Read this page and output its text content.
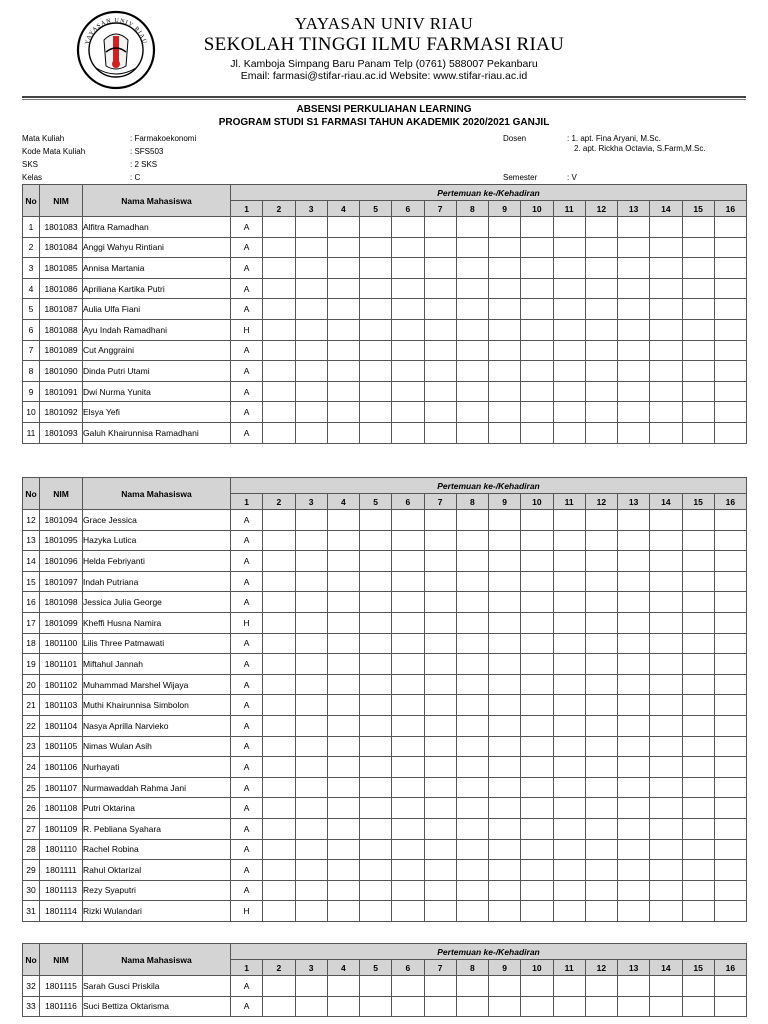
YAYASAN UNIV RIAU
YAYASAN UNIV RIAU
SEKOLAH TINGGI ILMU FARMASI RIAU
Jl. Kamboja Simpang Baru Panam Telp (0761) 588007 Pekanbaru
Email: farmasi@stifar-riau.ac.id Website: www.stifar-riau.ac.id
ABSENSI PERKULIAHAN LEARNING
PROGRAM STUDI S1 FARMASI TAHUN AKADEMIK 2020/2021 GANJIL
Mata Kuliah	: Farmakoekonomi
Kode Mata Kuliah	: SFS503
SKS	: 2 SKS
Kelas	: C
Dosen	: 1. apt. Fina Aryani, M.Sc.
2. apt. Rickha Octavia, S.Farm,M.Sc.
Semester	: V
No	NIM	Nama Mahasiswa	Pertemuan ke-/Kehadiran															
			1	2	3	4	5	6	7	8	9	10	11	12	13	14	15	16
1	1801083	Alfitra Ramadhan	A															
2	1801084	Anggi Wahyu Rintiani	A															
3	1801085	Annisa Martania	A															
4	1801086	Apriliana Kartika Putri	A															
5	1801087	Aulia Ulfa Fiani	A															
6	1801088	Ayu Indah Ramadhani	H															
7	1801089	Cut Anggraini	A															
8	1801090	Dinda Putri Utami	A															
9	1801091	Dwi Nurma Yunita	A															
10	1801092	Elsya Yefi	A															
11	1801093	Galuh Khairunnisa Ramadhani	A															
No	NIM	Nama Mahasiswa	Pertemuan ke-/Kehadiran															
			1	2	3	4	5	6	7	8	9	10	11	12	13	14	15	16
12	1801094	Grace Jessica	A															
13	1801095	Hazyka Lutica	A															
14	1801096	Helda Febriyanti	A															
15	1801097	Indah Putriana	A															
16	1801098	Jessica Julia George	A															
17	1801099	Kheffi Husna Namira	H															
18	1801100	Lilis Three Patmawati	A															
19	1801101	Miftahul Jannah	A															
20	1801102	Muhammad Marshel Wijaya	A															
21	1801103	Muthi Khairunnisa Simbolon	A															
22	1801104	Nasya Aprilla Narvieko	A															
23	1801105	Nimas Wulan Asih	A															
24	1801106	Nurhayati	A															
25	1801107	Nurmawaddah Rahma Jani	A															
26	1801108	Putri Oktarina	A															
27	1801109	R. Pebliana Syahara	A															
28	1801110	Rachel Robina	A															
29	1801111	Rahul Oktarizal	A															
30	1801113	Rezy Syaputri	A															
31	1801114	Rizki Wulandari	H															
No	NIM	Nama Mahasiswa	Pertemuan ke-/Kehadiran															
			1	2	3	4	5	6	7	8	9	10	11	12	13	14	15	16
32	1801115	Sarah Gusci Priskila	A															
33	1801116	Suci Bettiza Oktarisma	A															
